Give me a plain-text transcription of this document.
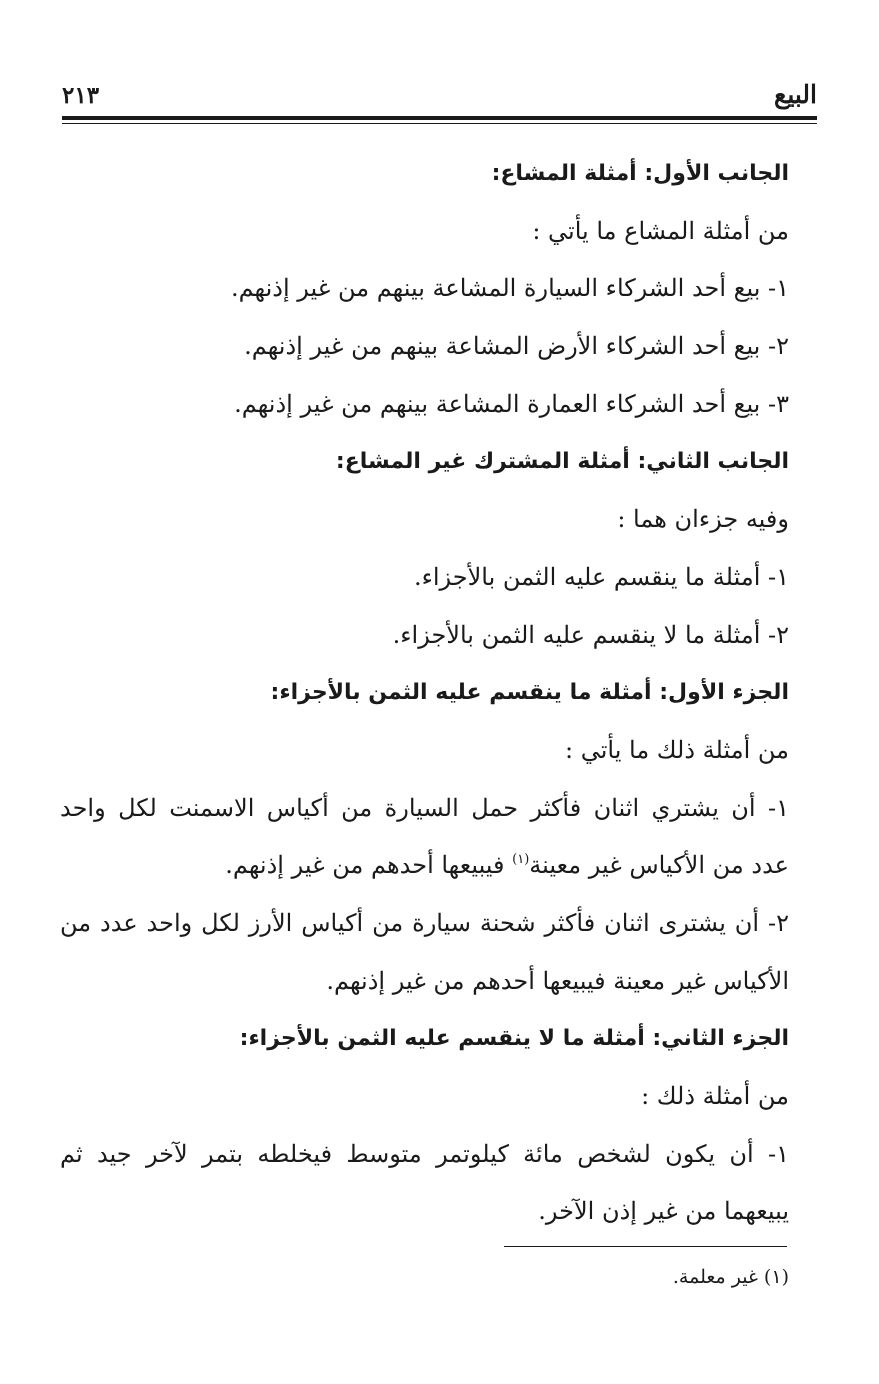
البيع
٢١٣
الجانب الأول: أمثلة المشاع:
من أمثلة المشاع ما يأتي :
١- بيع أحد الشركاء السيارة المشاعة بينهم من غير إذنهم.
٢- بيع أحد الشركاء الأرض المشاعة بينهم من غير إذنهم.
٣- بيع أحد الشركاء العمارة المشاعة بينهم من غير إذنهم.
الجانب الثاني: أمثلة المشترك غير المشاع:
وفيه جزءان هما :
١- أمثلة ما ينقسم عليه الثمن بالأجزاء.
٢- أمثلة ما لا ينقسم عليه الثمن بالأجزاء.
الجزء الأول: أمثلة ما ينقسم عليه الثمن بالأجزاء:
من أمثلة ذلك ما يأتي :
١- أن يشتري اثنان فأكثر حمل السيارة من أكياس الاسمنت لكل واحد
عدد من الأكياس غير معينة$^{(١)}$ فيبيعها أحدهم من غير إذنهم.
٢- أن يشترى اثنان فأكثر شحنة سيارة من أكياس الأرز لكل واحد عدد من
الأكياس غير معينة فيبيعها أحدهم من غير إذنهم.
الجزء الثاني: أمثلة ما لا ينقسم عليه الثمن بالأجزاء:
من أمثلة ذلك :
١- أن يكون لشخص مائة كيلوتمر متوسط فيخلطه بتمر لآخر جيد ثم
يبيعهما من غير إذن الآخر.
(١) غير معلمة.
